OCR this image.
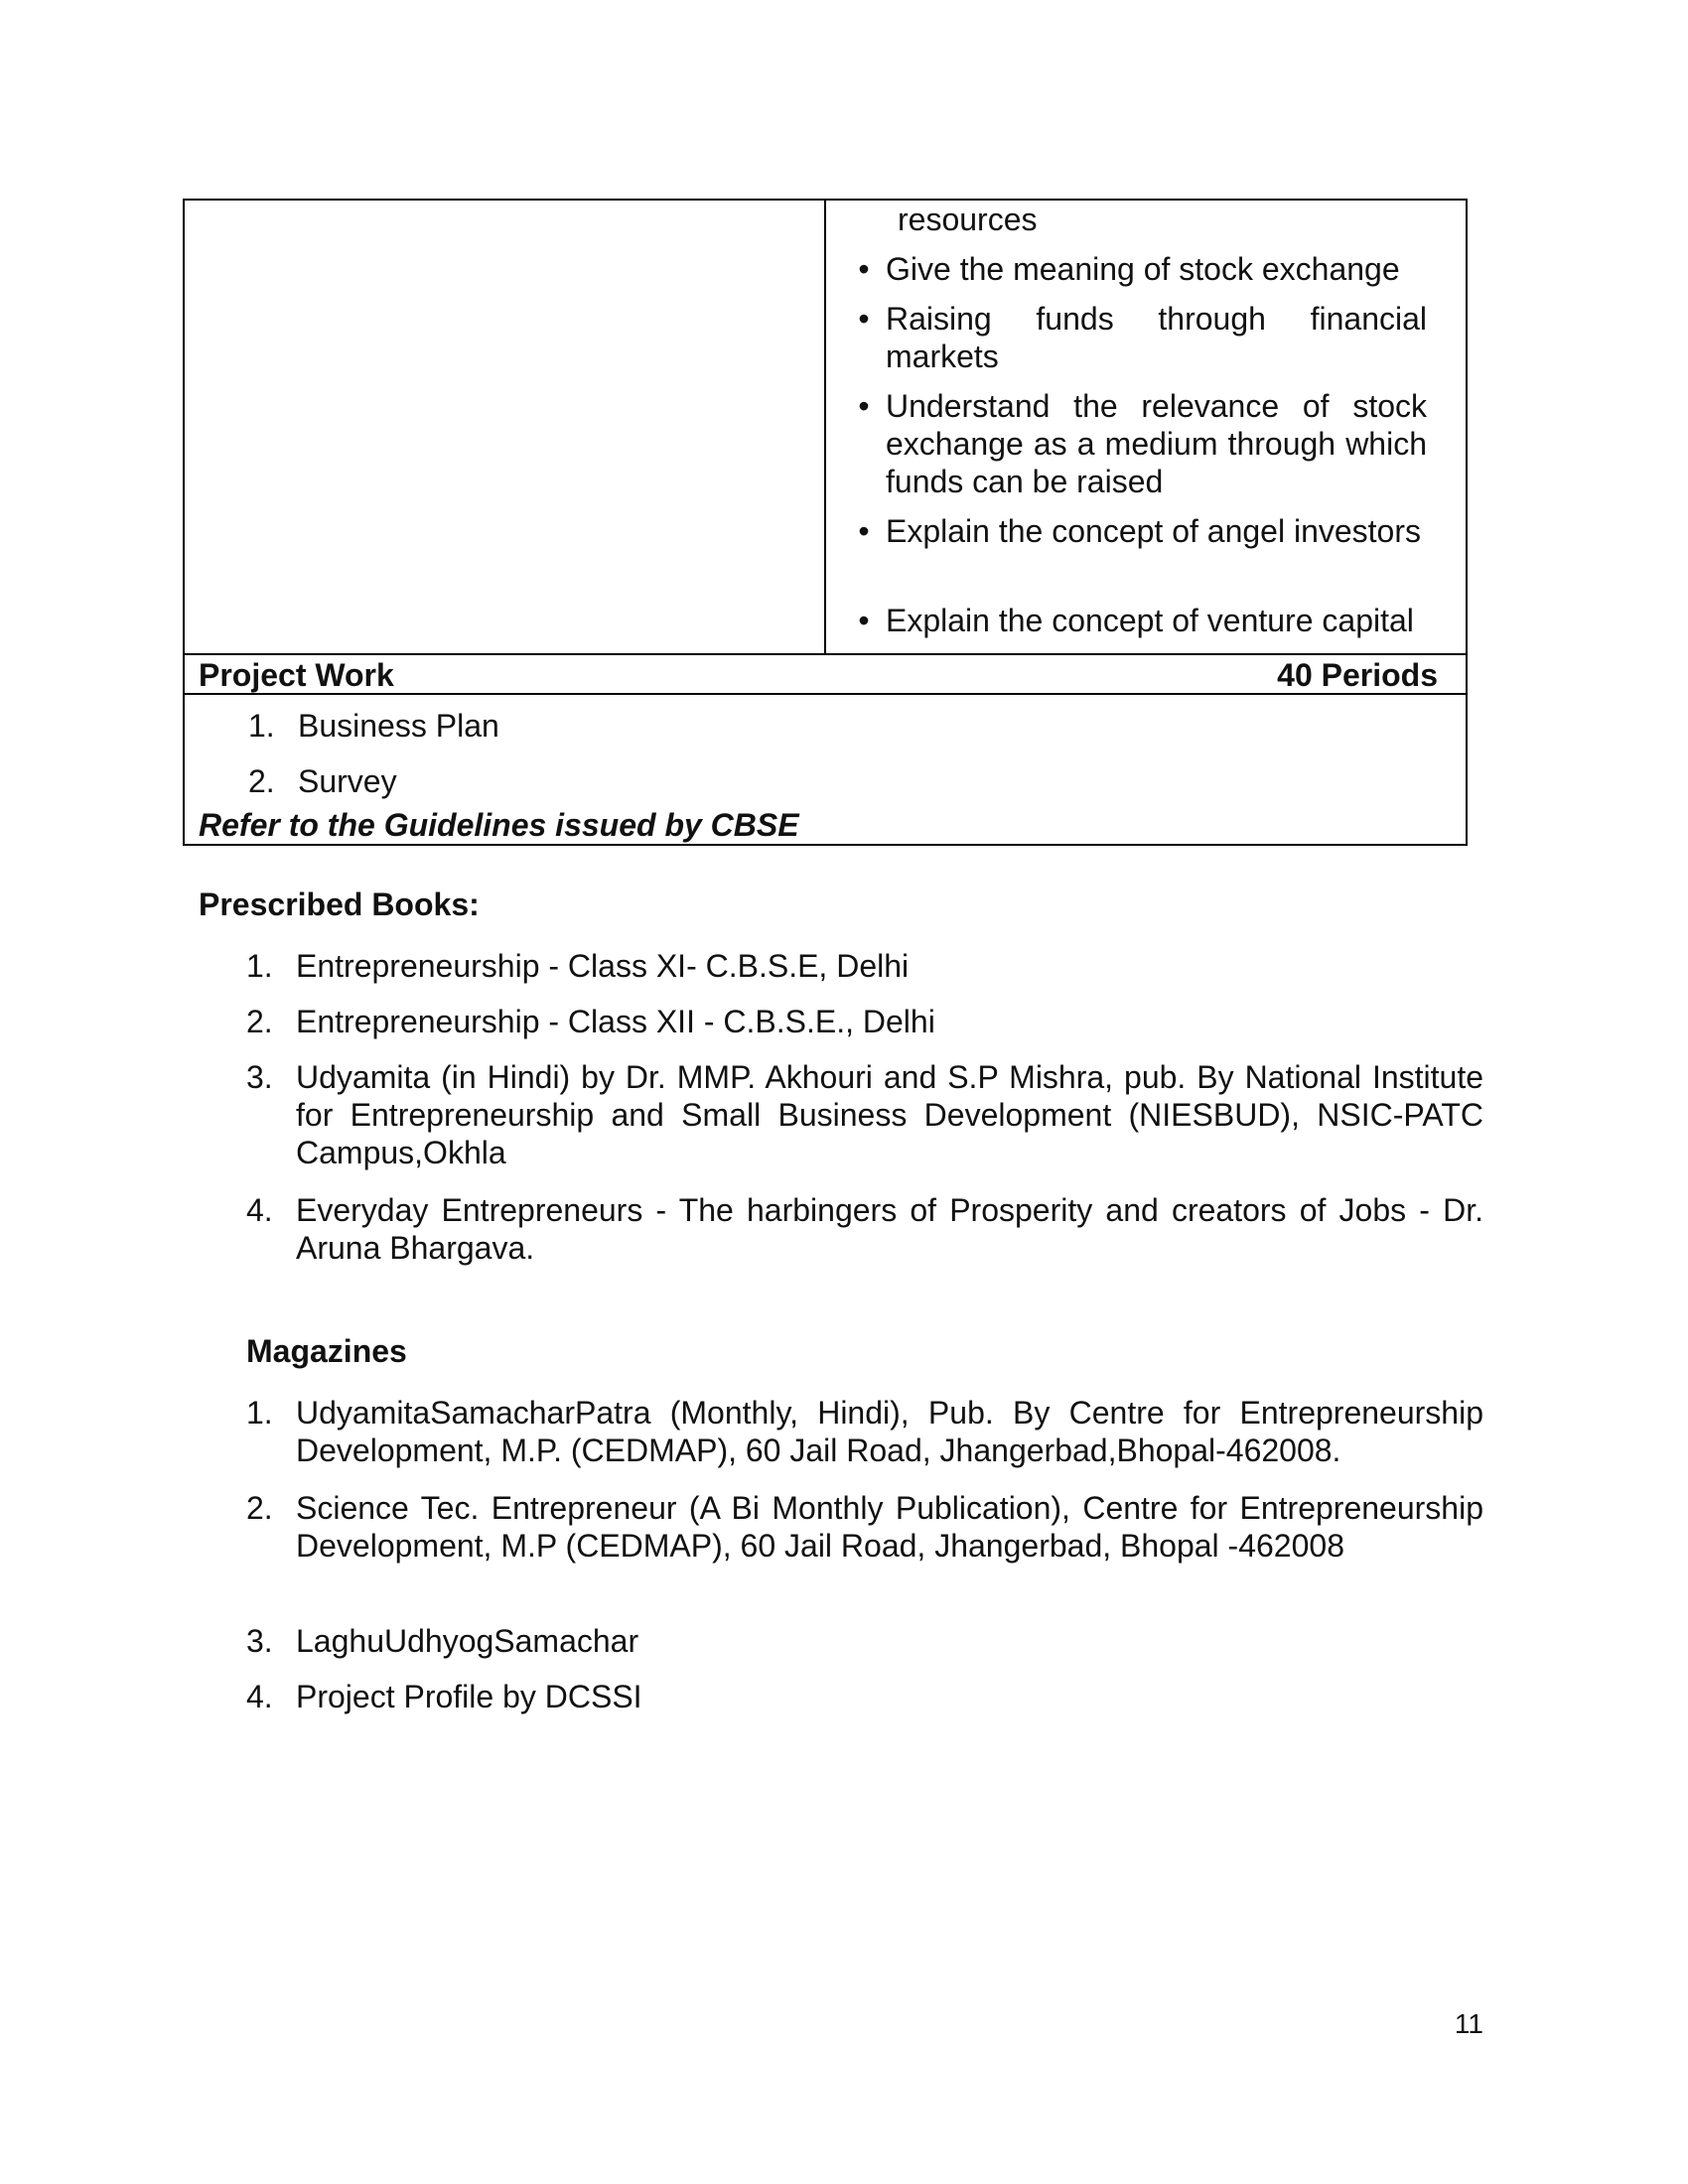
resources
• Give the meaning of stock exchange
• Raising funds through financial markets
• Understand the relevance of stock exchange as a medium through which funds can be raised
• Explain the concept of angel investors
• Explain the concept of venture capital
Project Work	40 Periods
1. Business Plan
2. Survey
Refer to the Guidelines issued by CBSE
Prescribed Books:
1. Entrepreneurship - Class XI- C.B.S.E, Delhi
2. Entrepreneurship - Class XII - C.B.S.E., Delhi
3. Udyamita (in Hindi) by Dr. MMP. Akhouri and S.P Mishra, pub. By National Institute for Entrepreneurship and Small Business Development (NIESBUD), NSIC-PATC Campus,Okhla
4. Everyday Entrepreneurs - The harbingers of Prosperity and creators of Jobs - Dr. Aruna Bhargava.
Magazines
1. UdyamitaSamacharPatra (Monthly, Hindi), Pub. By Centre for Entrepreneurship Development, M.P. (CEDMAP), 60 Jail Road, Jhangerbad,Bhopal-462008.
2. Science Tec. Entrepreneur (A Bi Monthly Publication), Centre for Entrepreneurship Development, M.P (CEDMAP), 60 Jail Road, Jhangerbad, Bhopal -462008
3. LaghuUdhyogSamachar
4. Project Profile by DCSSI
11
